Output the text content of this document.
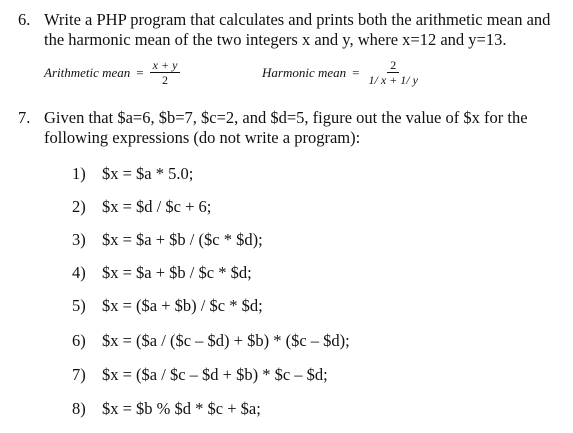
6. Write a PHP program that calculates and prints both the arithmetic mean and
the harmonic mean of the two integers x and y, where x=12 and y=13.
Arithmetic mean = $\frac{x + y}{2}$	Harmonic mean = $\frac{2}{1/ x + 1/ y}$
7. Given that $a=6, $b=7, $c=2, and $d=5, figure out the value of $x for the
following expressions (do not write a program):
1) $x = $a * 5.0;
2) $x = $d / $c + 6;
3) $x = $a + $b / ($c * $d);
4) $x = $a + $b / $c * $d;
5) $x = ($a + $b) / $c * $d;
6) $x = ($a / ($c – $d) + $b) * ($c – $d);
7) $x = ($a / $c – $d + $b) * $c – $d;
8) $x = $b % $d * $c + $a;
